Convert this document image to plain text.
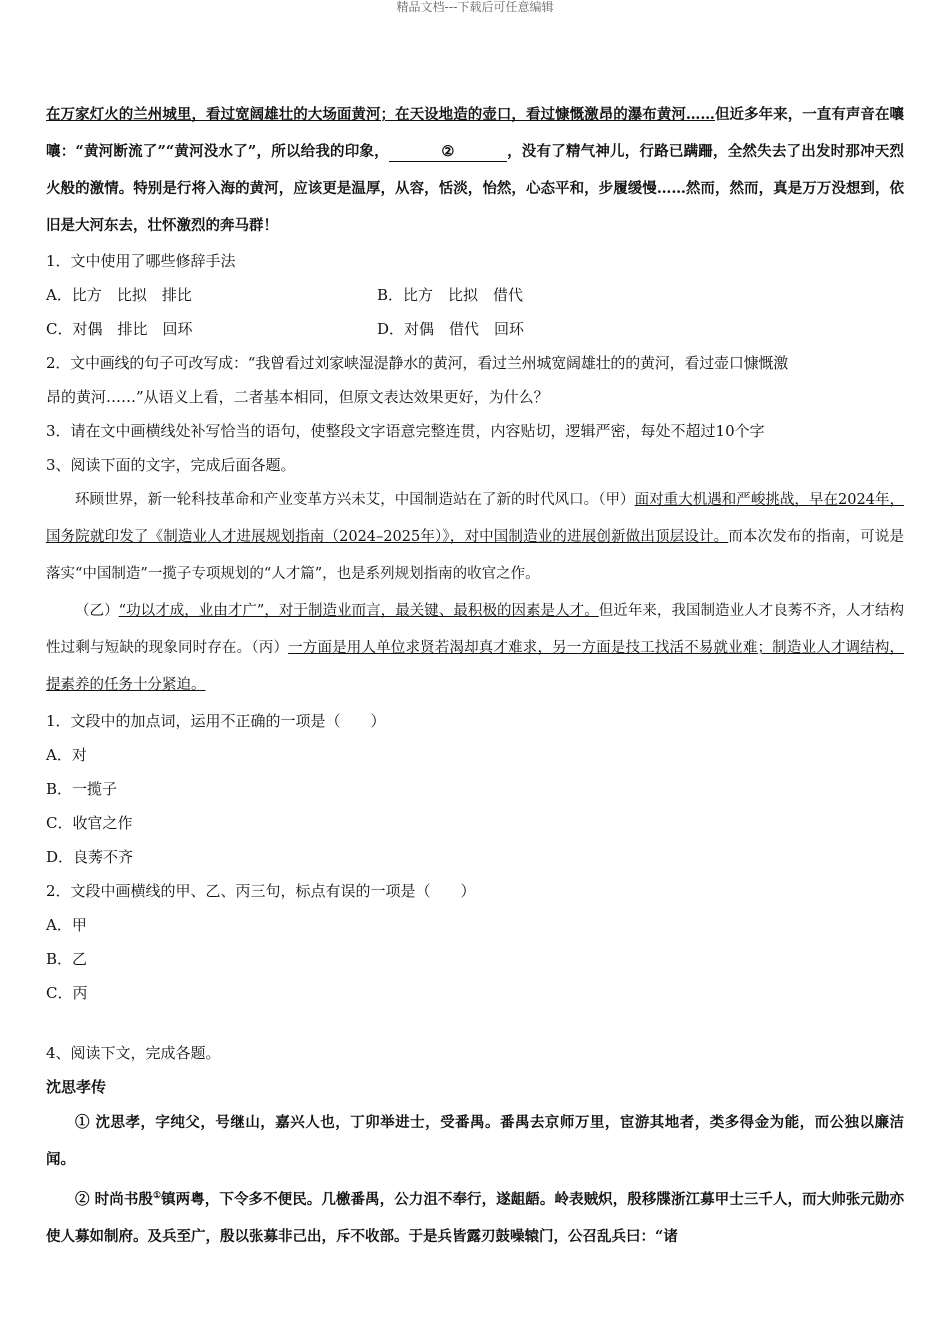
精品文档---下载后可任意编辑

在万家灯火的兰州城里，看过宽阔雄壮的大场面黄河；在天设地造的壶口，看过慷慨激昂的瀑布黄河……但近多年来，一直有声音在嚷嚷：“黄河断流了”“黄河没水了”，所以给我的印象，	②	，没有了精气神儿，行路已蹒跚，全然失去了出发时那冲天烈火般的激情。特别是行将入海的黄河，应该更是温厚，从容，恬淡，怡然，心态平和，步履缓慢……然而，然而，真是万万没想到，依旧是大河东去，壮怀激烈的奔马群！

1．文中使用了哪些修辞手法

A．比方　比拟　排比	B．比方　比拟　借代
C．对偶　排比　回环	D．对偶　借代　回环

2．文中画线的句子可改写成：“我曾看过刘家峡湿湜静水的黄河，看过兰州城宽阔雄壮的的黄河，看过壶口慷慨激

昂的黄河……”从语义上看，二者基本相同，但原文表达效果更好，为什么？

3．请在文中画横线处补写恰当的语句，使整段文字语意完整连贯，内容贴切，逻辑严密，每处不超过10个字

3、阅读下面的文字，完成后面各题。

环顾世界，新一轮科技革命和产业变革方兴未艾，中国制造站在了新的时代风口。（甲）面对重大机遇和严峻挑战，早在2024年，国务院就印发了《制造业人才进展规划指南（2024–2025年）》，对中国制造业的进展创新做出顶层设计。而本次发布的指南，可说是落实“中国制造”一揽子专项规划的“人才篇”，也是系列规划指南的收官之作。

（乙）“功以才成，业由才广”，对于制造业而言，最关键、最积极的因素是人才。但近年来，我国制造业人才良莠不齐，人才结构性过剩与短缺的现象同时存在。（丙）一方面是用人单位求贤若渴却真才难求，另一方面是技工找活不易就业难；制造业人才调结构，提素养的任务十分紧迫。

1．文段中的加点词，运用不正确的一项是（　　）

A．对

B．一揽子

C．收官之作

D．良莠不齐

2．文段中画横线的甲、乙、丙三句，标点有误的一项是（　　）

A．甲

B．乙

C．丙

4、阅读下文，完成各题。

沈思孝传

① 沈思孝，字纯父，号继山，嘉兴人也，丁卯举进士，受番禺。番禺去京师万里，宦游其地者，类多得金为能，而公独以廉洁闻。

② 时尚书殷①镇两粤，下令多不便民。几檄番禺，公力沮不奉行，遂龃龉。岭表贼炽，殷移牒浙江募甲士三千人，而大帅张元勋亦使人募如制府。及兵至广，殷以张募非己出，斥不收部。于是兵皆露刃鼓噪辕门，公召乱兵曰：“诸
